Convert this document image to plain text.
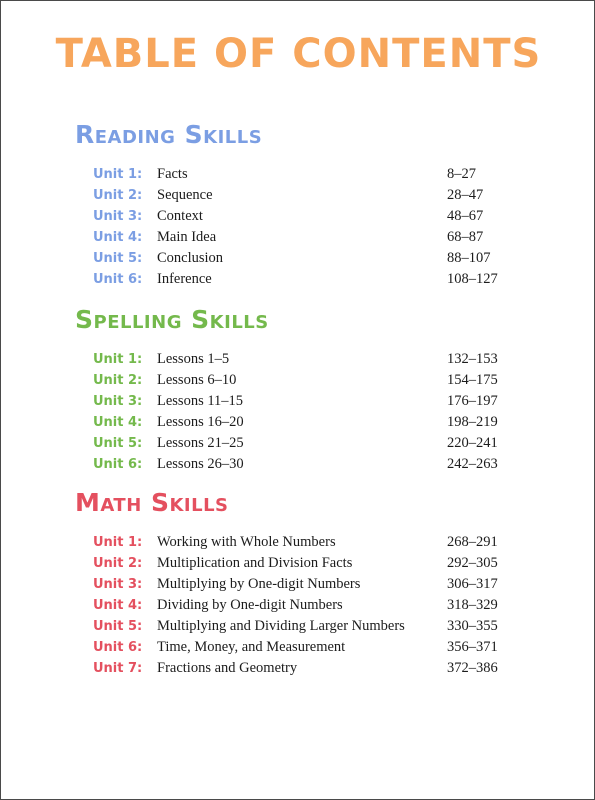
TABLE OF CONTENTS
Reading Skills
Unit 1: Facts	8–27
Unit 2: Sequence	28–47
Unit 3: Context	48–67
Unit 4: Main Idea	68–87
Unit 5: Conclusion	88–107
Unit 6: Inference	108–127
Spelling Skills
Unit 1: Lessons 1–5	132–153
Unit 2: Lessons 6–10	154–175
Unit 3: Lessons 11–15	176–197
Unit 4: Lessons 16–20	198–219
Unit 5: Lessons 21–25	220–241
Unit 6: Lessons 26–30	242–263
Math Skills
Unit 1: Working with Whole Numbers	268–291
Unit 2: Multiplication and Division Facts	292–305
Unit 3: Multiplying by One-digit Numbers	306–317
Unit 4: Dividing by One-digit Numbers	318–329
Unit 5: Multiplying and Dividing Larger Numbers	330–355
Unit 6: Time, Money, and Measurement	356–371
Unit 7: Fractions and Geometry	372–386
